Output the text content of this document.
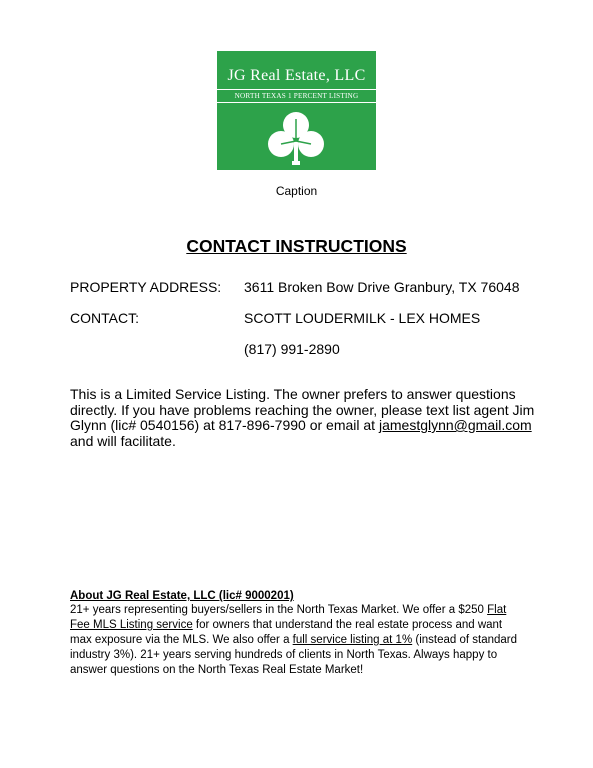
JG Real Estate, LLC
NORTH TEXAS 1 PERCENT LISTING
Caption
CONTACT INSTRUCTIONS
PROPERTY ADDRESS: 3611 Broken Bow Drive Granbury, TX 76048
CONTACT:	SCOTT LOUDERMILK - LEX HOMES
(817) 991-2890
This is a Limited Service Listing. The owner prefers to answer questions directly. If you have problems reaching the owner, please text list agent Jim Glynn (lic# 0540156) at 817-896-7990 or email at jamestglynn@gmail.com and will facilitate.
About JG Real Estate, LLC (lic# 9000201)
21+ years representing buyers/sellers in the North Texas Market. We offer a $250 Flat Fee MLS Listing service for owners that understand the real estate process and want max exposure via the MLS. We also offer a full service listing at 1% (instead of standard industry 3%). 21+ years serving hundreds of clients in North Texas. Always happy to answer questions on the North Texas Real Estate Market!
